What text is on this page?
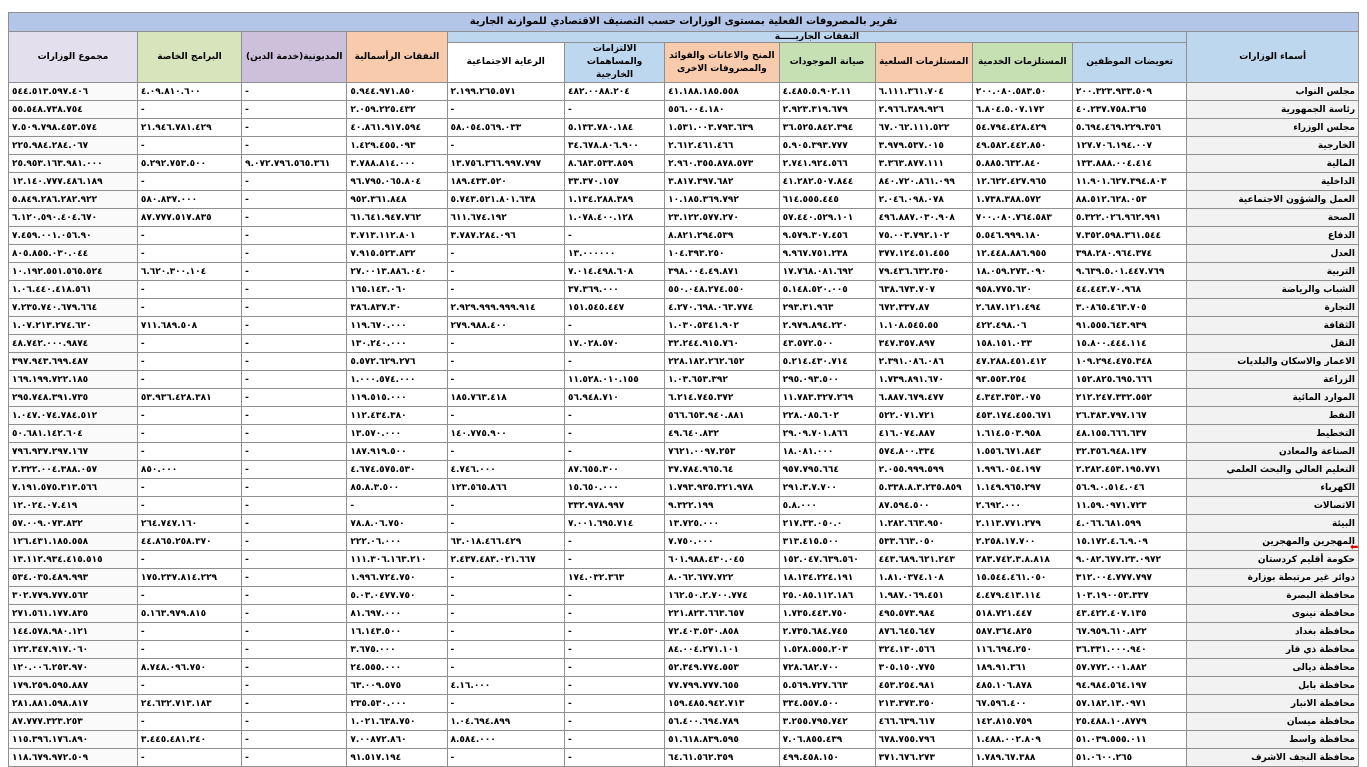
تقرير بالمصروفات الفعلية بمستوى الوزارات حسب التصنيف الاقتصادي للموازنة الجارية											
أسماء الوزارات	النفقات الجاريـــــة							النفقات الرأسمالية	المديونية(خدمة الدين)	البرامج الخاصة	مجموع الوزارات
	تعويضات الموظفين	المستلزمات الخدمية	المستلزمات السلعية	صيانة الموجودات	المنح والاعانات والفوائد والمصروفات الاخرى	الالتزامات والمساهمات الخارجية	الرعاية الاجتماعية				
مجلس النواب	٢٠٠.٣٢٣.٩٣٣.٥٠٩	٢٠٠.٠٨٠.٥٨٣.٥٠	٦.١١١.٣٦١.٧٠٤	٤.٤٨٥.٥.٩٠٢.١١	٤١.١٨٨.١٨٥.٥٥٨	٤٨٢.٠٠٨٨.٢٠٤	٢.١٩٩.٢٦٥.٥٧١	٥.٩٤٤.٩٧١.٨٥٠	-	٤.٠٩.٨١٠.٦٠٠	٥٤٤.٥١٣.٥٩٧.٤٠٦
رئاسة الجمهورية	٤٠.٢٣٧.٧٥٨.٣٦٥	٦.٨٠٤.٥.٠٧.١٧٢	٢.٩٦٦.٣٨٩.٩٢٦	٢.٩٢٣.٣١٩.٦٧٩	٥٥٦.٠٠٤.١٨٠	-	-	٢.٠٥٩.٢٢٥.٤٣٢	-	-	٥٥.٥٤٨.٧٣٨.٧٥٤
مجلس الوزراء	٥.٦٩٤.٤٦٩.٢٢٩.٣٥٦	٥٤.٧٩٤.٤٢٨.٤٢٩	٦٧.٠٦٢.١١١.٥٢٢	٣٦.٥٢٥.٨٤٢.٣٩٤	١.٥٣١.٠٠٣.٧٩٣.٦٣٩	٥.١٣٣.٧٨٠.١٨٤	٥٨.٠٥٤.٥٦٩.٠٣٣	٤٠.٨٦١.٩١٧.٥٩٤	-	٢١.٩٤٦.٧٨١.٤٢٩	٧.٥٠٩.٧٩٨.٤٥٣.٥٧٤
الخارجية	١٢٧.٧٠٦.١٩٤.٠٠٧	٤٩.٥٨٢.٤٤٢.٨٥٠	٣.٩٧٩.٥٣٧.٠١٥	٥.٩٠٥.٣٩٣.٧٧٧	٢.٦١٢.٤٦١.٤٦٦	٣٤.٦٧٨.٨٠٦.٩٠٠	-	١.٤٢٩.٤٥٥.٠٩٣	-	-	٢٢٥.٩٨٤.٢٨٤.٠٦٧
المالية	١٣٣.٨٨٨.٠٠٤.٤١٤	٥.٨٨٥.٦٣٢.٨٤٠	٣.٣٦٣.٨٧٧.١١١	٢.٧٤١.٩٢٤.٥٦٦	٢.٩٦٠.٣٥٥.٨٧٨.٥٧٣	٨.٦٨٣.٥٣٣.٨٥٩	١٣.٧٥٦.٣٦٦.٩٩٧.٧٩٧	٣.٧٨٨.٨١٤.٠٠٠	٩.٠٧٢.٧٩٦.٥٦٥.٣٦١	٥.٢٩٢.٧٥٣.٥٠٠	٢٥.٩٥٣.١٦٣.٩٨١.٠٠٠
الداخلية	١١.٩٠١.٦٢٧.٣٩٤.٨٠٣	١٢.٦٢٢.٤٢٧.٩٦٥	٨٤٠.٧٢٠.٨٦١.٠٩٩	٤١.٢٨٢.٥٠٧.٨٤٤	٣.٨١٧.٣٩٧.٦٨٢	٣٣.٣٧٠.١٥٧	١٨٩.٤٣٣.٥٢٠	٩٦.٧٩٥.٠٦٥.٨٠٤	-	-	١٢.١٤٠.٧٧٧.٤٨٦.١٨٩
العمل والشؤون الاجتماعية	٨٨.٥١٢.٦٢٨.٠٥٣	١.٧٣٨.٣٨٨.٥٧٢	٢.٠٤٦.٠٩٨.٠٧٨	٦١٤.٥٥٥.٤٤٥	١٠.١٨٥.٣٦٩.٧٩٢	١.١٣٤.٢٨٨.٣٨٩	٥.٧٤٣.٥٢١.٨٠١.٦٣٨	٩٥٢.٣٦١.٨٤٨	-	٥٨٠.٨٣٧.٠٠٠	٥.٨٤٩.٢٨٦.٢٨٢.٩٢٢
الصحة	٥.٣٢٢.٠٢٦.٩٦٢.٩٩١	٧٠٠.٠٨٠.٧٦٤.٥٨٣	٤٩٦.٨٨٧.٠٣٠.٩٠٨	٥٧.٤٤٠.٥٢٩.١٠١	٢٣.١٢٢.٥٧٧.٢٧٠	١.٠٧٨.٤٠٠.١٢٨	٦١١.٦٧٤.١٩٢	٦١.٦٤١.٩٤٧.٧٦٢	-	٨٧.٧٧٧.٥١٧.٨٣٥	٦.١٢٠.٥٩٠.٤٠٤.٦٧٠
الدفاع	٧.٣٥٢.٥٩٨.٣٦١.٥٤٤	٥.٥٤٦.٩٩٩.١٨٠	٧٥.٠٠٣.٧٩٢.١٠٢	٩.٥٧٩.٣٠٧.٤٥٦	٨.٨٢١.٢٩٤.٥٣٩	-	٣.٧٨٧.٢٨٤.٠٩٦	٣.٧١٣.١١٢.٨٠١	-	-	٧.٤٥٩.٠٠١.٠٥٦.٩٠
العدل	٣٩٨.٢٨٠.٩٦٤.٣٧٤	١٢.٤٤٨.٨٨٦.٩٥٥	٣٧٧.١٢٤.٥١.٤٥٥	٩.٩٦٧.٧٥١.٢٣٨	١٠٤.٣٩٣.٢٥٠	١٣.٠٠٠٠٠٠	-	٧.٩١٥.٥٢٣.٨٣٢	-	-	٨٠٥.٨٥٥.٠٣٠.٠٤٤
التربية	٩.٦٣٩.٥.٠١.٤٤٧.٧٦٩	١٨.٠٥٩.٢٧٣.٠٩٠	٧٩.٤٣٦.٦٣٢.٣٥٠	١٧.٧٦٨.٠٨١.٦٩٢	٣٩٨.٠٠٤.٤٩.٨٧١	٧.٠١٤.٤٩٨.٦٠٨	-	٢٧.٠٠١٣.٨٨٦.٠٤٠	-	٦.٦٢٠.٣٠٠.١٠٤	١٠.١٩٢.٥٥١.٥٦٥.٥٢٤
الشباب والرياضة	٤٤.٤٤٣.٧٠.٩٦٨	٩٥٨.٧٧٥.٦٢٠	٦٣٨.٦٧٣.٧٠٧	٥.١٤٨.٥٢٠.٠٠٥	٥٥٠.٠٤٨.٢٧٤.٥٥٠	٣٧.٣٦٩.٠٠٠	-	١٦٥.١٤٣.٠٦٠	-	-	١.٠٦.٤٤٠.٤١٨.٥٦١
التجارة	٣.٠٨٦٥.٤٦٣.٧٠٥	٢.٦٨٧.١٢١.٤٩٤	٦٧٢.٣٣٧.٨٧	٢٩٣.٣١.٩٦٣	٤.٢٧٠.٦٩٨.٠٦٣.٧٧٤	١٥١.٥٤٥.٤٤٧	٢.٩٢٩.٩٩٩.٩٩٩.٩١٤	٣٨٦.٨٣٧.٣٠	-	-	٧.٢٣٥.٧٤٠.٦٧٩.٦٦٤
الثقافة	٩١.٥٥٥.٦٤٣.٩٣٩	٤٢٢.٤٩٨.٠٦	١.١٠٨.٥٤٥.٥٥	٢.٩٧٩.٨٩٤.٢٢٠	١.٠٣٠.٥٣٤١.٩٠٢	-	٢٧٩.٩٨٨.٤٠٠	١١٩.٦٧٠.٠٠٠	-	٧١١.٦٨٩.٥٠٨	١.٠٧.٢١٣.٢٧٤.٦٢٠
النقل	١٥.٨٠٠.٤٤٤.١١٤	١٥٨.١٥١.٠٣٣	٣٤٧.٣٥٧.٨٩٧	٤٣.٥٧٢.٥٠٠	٣٢.٢٤٤.٩١٥.٧٦٠	١٧.٠٢٨.٥٧٠	-	١٣٠.٢٤٠.٠٠٠	-	-	٤٨.٧٤٢.٠٠٠.٩٨٧٤
الاعمار والاسكان والبلديات	١٠٩.٢٩٤.٤٧٥.٣٤٨	٤٧.٢٨٨.٤٥١.٤١٢	٢.٣٩١.٠٨٦.٠٨٦	٥.٢١٤.٤٣٠.٧١٤	٢٢٨.١٨٢.٢٦٢.٦٥٢	-	-	٥.٥٧٢.٦٢٩.٢٧٦	-	-	٣٩٧.٩٤٣.٦٩٩.٤٨٧
الزراعة	١٥٢.٨٢٥.٦٩٥.٦٦٦	٩٣.٥٥٣.٢٥٤	١.٧٣٩.٨٩١.٦٧٠	٢٩٥.٠٩٣.٥٠٠	١.٠٣.٦٥٣.٣٩٢	١١.٥٢٨.٠١٠.١٥٥	-	١.٠٠٠.٥٧٤.٠٠٠	-	-	١٦٩.١٩٩.٧٢٢.١٨٥
الموارد المائية	٢١٢.٢٤٧.٣٣٢.٥٥٢	٤.٣٤٣.٣٥٣.٠٧٥	٦.٨٨٧.٦٧٩.٤٧٧	١١.٧٨٣.٣٢٧.٢٦٩	٦.٢١٤.٧٤٥.٣٧٢	٥٦.٩٤٨.٧١٠	١٨٥.٧٦٣.٤١٨	١١٩.٥١٥.٠٠٠	-	٥٣.٩٣٦.٤٢٨.٣٨١	٢٩٥.٧٤٨.٣٩١.٧٣٥
النفط	٢٦.٣٨٣.٧٩٧.١٦٧	٤٥٣.١٧٤.٤٥٥.٦٧١	٥٢٢.٠٧١.٧٢١	٢٢٨.٠٨٥.٦٠٢	٥٦٦.٦٥٣.٩٤٠.٨٨١	-	-	١١٢.٤٣٤.٣٨٠	-	-	١.٠٤٧.٠٧٤.٧٨٤.٥١٢
التخطيط	٤٨.١٥٥.٦٦٦.٦٣٧	١.٦١٤.٥٠٣.٩٥٨	٤١٦.٠٧٤.٨٨٧	٢٩.٠٩.٧٠١.٨٦٦	٤٩.٦٤٠.٨٣٢	-	١٤٠.٧٧٥.٩٠٠	١٣.٥٧٠.٠٠٠	-	-	٥٠.٦٨١.١٤٢.٦٠٤
الصناعة والمعادن	٣٢.٣٥٦.٩٤٨.١٣٧	١.٥٥٦.٦٧١.٨٤٣	٥٧٤.٨٠٠.٣٣٤	١٨.٠٨١.٠٠٠	٧٦٢١.٠٠٩٧.٢٥٣	-	-	١٨٧.٩١٩.٥٠٠	-	-	٧٩٦.٩٣٧.٢٩٧.١٦٧
التعليم العالي والبحث العلمي	٢.٢٨٢.٤٥٣.١٩٥.٧٧١	١.٩٩٦.٠٥٤.١٩٧	٢.٠٥٥.٩٩٩.٥٩٩	٩٥٧.٧٩٥.٦٦٤	٣٧.٧٨٤.٩٦٥.٦٤	٨٧.٦٥٥.٣٠٠	٤.٧٤٦.٠٠٠	٤.٦٧٤.٥٧٥.٥٣٠	-	٨٥٠.٠٠٠	٢.٣٢٢.٠٠٤.٣٨٨.٠٥٧
الكهرباء	٥٦.٩.٠.٥١٤.٠٤٦	١.١٤٩.٩٦٥.٢٩٧	٥.٣٣٨.٨.٣.٢٣٥.٨٥٩	٢٩١.٣.٧.٧٠٠	١.٧٩٣.٩٣٥.٣٢١.٩٧٨	١٥.٦٥٠.٠٠٠	١٢٣.٥٦٥.٨٦٦	٨٥.٨.٣.٥٠٠	-	-	٧.١٩١.٥٧٥.٣١٣.٥٦٦
الاتصالات	١١.٥٩.٠٩٧١.٧٢٣	٢.٦٩٢.٠٠٠	٨٧.٥٩٤.٥٠٠	٥.٨.٠٠٠	٩.٣٢٢.١٩٩	٣٣٢.٩٧٨.٩٩٧	-	-	-	-	١٢.٠٢٤.٠٧.٤١٩
البيئة	٤.٠٦٦.٦٨١.٥٩٩	٢.١١٣.٧٧١.٢٧٩	١.٢٨٢.٦٦٣.٩٥٠	٢١٧.٣٣.٠٥٠.٠	١٣.٧٢٥.٠٠٠	٧.٠٠١.٦٩٥.٧١٤	-	٧٨.٨.٠٦.٧٥٠	-	٢٦٤.٧٤٧.١٦٠	٥٧.٠٠٩.٠٧٣.٨٣٢
المهجرين والمهجرين	١٥.١٧٢.٤.٦.٩.٠٩	٢.٢٥٨.١٧.٧٠٠	٥٣٣.٦٦٣.٠٥٠	٣١٣.٤١٥.٥٠٠	٧.٧٥٠.٠٠٠	-	٦٣.٠١٨.٤٦٦.٤٢٩	٢٢٢.٠٦.٠٠٠	-	٤٤.٨٦٥.٢٥٨.٣٧٠	١٢٦.٤٣١.١٨٥.٥٥٨
حكومة أقليم كردستان	٩.٠٨٢.٦٧٧.٢٣.٠٩٧٢	٢٨٣.٧٤٢.٣.٨.٨١٨	٤٤٣.٦٨٩.٦٢١.٢٤٣	١٥٢.٠٤٧.٦٣٩.٥٦٠	٦٠١.٩٨٨.٤٣٠.٠٤٥	-	٢.٤٣٧.٤٨٣.٠٢١.٦٦٧	١١١.٣٠٦.١٦٣.٢١٠	-	-	١٣.١١٢.٩٣٤.٤١٥.٥١٥
دوائر غير مرتبطة بوزارة	٣١٢.٠٠٤.٧٧٧.٧٩٧	١٥.٥٤٤.٤٦١.٠٥٠	١.٨١.٠٣٧٤.١٠٨	١٨.١٣٤.٢٢٤.١٩١	٨.٠٦٢.٦٧٧.٧٢٢	١٧٤.٠٣٢.٣٦٣	-	١.٩٩٦.٧٢٤.٧٥٠	-	١٧٥.٢٣٧.٨١٤.٢٢٩	٥٣٤.٠٣٥.٤٨٩.٩٩٣
محافظة البصرة	١٠٣.١٩٠٠٥٣.٣٣٧	٤.٤٧٩.٤١٣.١١٤	١.٩٨٧.٠٦٩.٤٥١	٢٥.٠٨٥.١١٢.١٨٦	١٦٢.٥٠.٢.٧٠٠.٧٧٤	-	-	٥.٠٣.٠٤٧٧.٧٥٠	-	-	٣٠٢.٧٧٩.٧٧٧.٥٦٢
محافظة نينوى	٤٣.٤٢٢.٤٠٧.١٣٥	٥١٨.٧٢١.٤٤٧	٤٩٥.٥٧٣.٩٨٤	١.٧٣٥.٤٤٣.٧٥٠	٢٢١.٨٢٣.٦٦٣.٦٥٧	-	-	٨١.٦٩٧.٠٠٠	-	٥.١٦٣.٩٧٩.٨١٥	٢٧١.٥٦١.١٧٧.٨٣٥
محافظة بغداد	٦٧.٩٥٩.٦١٠.٨٢٢	٥٨٧.٣٦٤.٨٢٥	٨٧٦.٦٤٥.٦٤٧	٢.٧٣٥.٦٨٤.٧٤٥	٧٢.٤٠٣.٥٣٠.٨٥٨	-	-	١٦.١٤٣.٥٠٠	-	-	١٤٤.٥٧٨.٩٨٠.١٢١
محافظة ذي قار	٣٦.٣٣١.٠٠٠.٩٤٠	١١٦.٦٩٤.٢٥٠	٣٢٤.١٣٠.٥٦٦	١.٥٢٨.٥٥٥.٢٠٣	٨٤.٠٠٤.٢٧١.١٠١	-	-	٣.٦٧٥.٠٠٠	-	-	١٢٢.٣٤٧.٩١٧.٠٦٠
محافظة ديالى	٥٧.٧٧٢.٠٠١.٨٨٢	١٨٩.٩١.٣٦١	٣٠٥.١٥٠.٧٧٥	٧٢٨.٦٨٢.٧٠٠	٥٢.٣٤٩.٧٧٤.٥٥٣	-	-	٢٤.٥٥٥.٠٠٠	-	٨.٧٤٨.٠٩٦.٧٥٠	١٢٠.٠٠٦.٢٥٣.٩٧٠
محافظة بابل	٩٤.٩٨٤.٥٦٤.١٩٧	٤٨٥.١٠٦.٨٧٨	٤٥٣.٢٥٤.٩٨١	٥.٥٦٩.٧٢٧.٦٦٣	٧٧.٧٩٩.٧٧٧.٦٥٥	-	٤.١٦.٠٠٠	٦٣.٠٠٩.٥٧٥	-	-	١٧٩.٢٥٩.٥٩٥.٨٨٧
محافظة الانبار	٥٧.١٨٢.١٣.٠٩٧١	٦٧.٥٩٦.٤٠٠	٢١٣.٣٧٣.٣٥٠	٣٣٤.٥٥٧.٥٠٠	١٥٩.٤٨٥.٩٤٢.٧١٣	-	-	٢٣٥.٥٣٠.٠٠٠	-	٢٤.٦٣٢.٧١٣.١٨٣	٢٨١.٨٨١.٥٩٨.٨١٧
محافظة ميسان	٢٥.٤٨٨.١٠.٨٧٧٩	١٤٢.٨١٥.٧٥٩	٤٦٦.٦٣٩.٦١٧	٣.٢٥٥.٧٩٥.٧٤٢	٥٦.٤٠٠.٦٩٤.٧٨٩	-	١.٠٤.٦٩٤.٨٩٩	١.٠٢١.٦٣٨.٧٥٠	-	-	٨٧.٧٧٧.٣٢٣.٢٥٣
محافظة واسط	٥١.٠٣٩.٥٥٥.٠١١	١.٤٨٨.٠٠٢.٨٠٩	٦٧٨.٧٥٥.٧٩٦	٧.٠٦.٨٥٥.٤٣٩	٥١.٦١٨.٨٣٩.٥٩٥	-	٨.٥٨٤.٠٠٠	٧.٠٠٨٧٢.٨٦٠	-	٣.٤٤٥.٤٨١.٢٤٠	١١٥.٣٩٦.١٧٦.٨٩٠
محافظة النجف الاشرف	٥١.٠٦٠٠.٢٦٥	١.٧٨٩.٦٧.٣٨٨	٣٧١.٦٧٦.٢٧٣	٤٩٩.٤٥٨.١٥٠	٦٤.٦١.٥٦٢.٣٥٩	-	-	٩١.٥١٧.١٩٤	-	-	١١٨.٦٧٩.٩٧٢.٥٠٩
⬅
